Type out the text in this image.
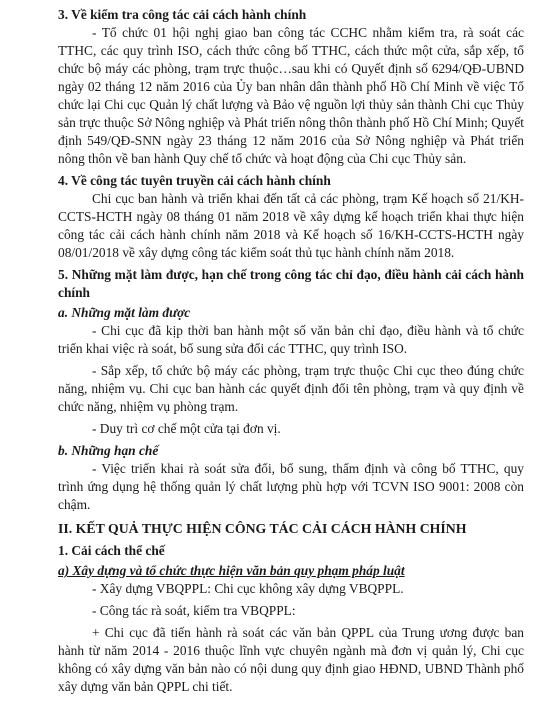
3. Về kiểm tra công tác cải cách hành chính

- Tổ chức 01 hội nghị giao ban công tác CCHC nhằm kiểm tra, rà soát các TTHC, các quy trình ISO, cách thức công bố TTHC, cách thức một cửa, sắp xếp, tổ chức bộ máy các phòng, trạm trực thuộc…sau khi có Quyết định số 6294/QĐ-UBND ngày 02 tháng 12 năm 2016 của Ủy ban nhân dân thành phố Hồ Chí Minh về việc Tổ chức lại Chi cục Quản lý chất lượng và Bảo vệ nguồn lợi thủy sản thành Chi cục Thủy sản trực thuộc Sở Nông nghiệp và Phát triển nông thôn thành phố Hồ Chí Minh; Quyết định 549/QĐ-SNN ngày 23 tháng 12 năm 2016 của Sở Nông nghiệp và Phát triển nông thôn về ban hành Quy chế tổ chức và hoạt động của Chi cục Thủy sản.

4. Về công tác tuyên truyền cải cách hành chính

Chi cục ban hành và triển khai đến tất cả các phòng, trạm Kế hoạch số 21/KH-CCTS-HCTH ngày 08 tháng 01 năm 2018 về xây dựng kế hoạch triển khai thực hiện công tác cải cách hành chính năm 2018 và Kế hoạch số 16/KH-CCTS-HCTH ngày 08/01/2018 về xây dựng công tác kiểm soát thủ tục hành chính năm 2018.

5. Những mặt làm được, hạn chế trong công tác chỉ đạo, điều hành cải cách hành chính

a. Những mặt làm được

- Chi cục đã kịp thời ban hành một số văn bản chỉ đạo, điều hành và tổ chức triển khai việc rà soát, bổ sung sửa đổi các TTHC, quy trình ISO.

- Sắp xếp, tổ chức bộ máy các phòng, trạm trực thuộc Chi cục theo đúng chức năng, nhiệm vụ. Chi cục ban hành các quyết định đổi tên phòng, trạm và quy định về chức năng, nhiệm vụ phòng trạm.

- Duy trì cơ chế một cửa tại đơn vị.

b. Những hạn chế

- Việc triển khai rà soát sửa đổi, bổ sung, thẩm định và công bố TTHC, quy trình ứng dụng hệ thống quản lý chất lượng phù hợp với TCVN ISO 9001: 2008 còn chậm.

II. KẾT QUẢ THỰC HIỆN CÔNG TÁC CẢI CÁCH HÀNH CHÍNH

1. Cải cách thể chế

a) Xây dựng và tổ chức thực hiện văn bản quy phạm pháp luật

- Xây dựng VBQPPL: Chi cục không xây dựng VBQPPL.

- Công tác rà soát, kiểm tra VBQPPL:

+ Chi cục đã tiến hành rà soát các văn bản QPPL của Trung ương được ban hành từ năm 2014 - 2016 thuộc lĩnh vực chuyên ngành mà đơn vị quản lý, Chi cục không có xây dựng văn bản nào có nội dung quy định giao HĐND, UBND Thành phố xây dựng văn bản QPPL chi tiết.
